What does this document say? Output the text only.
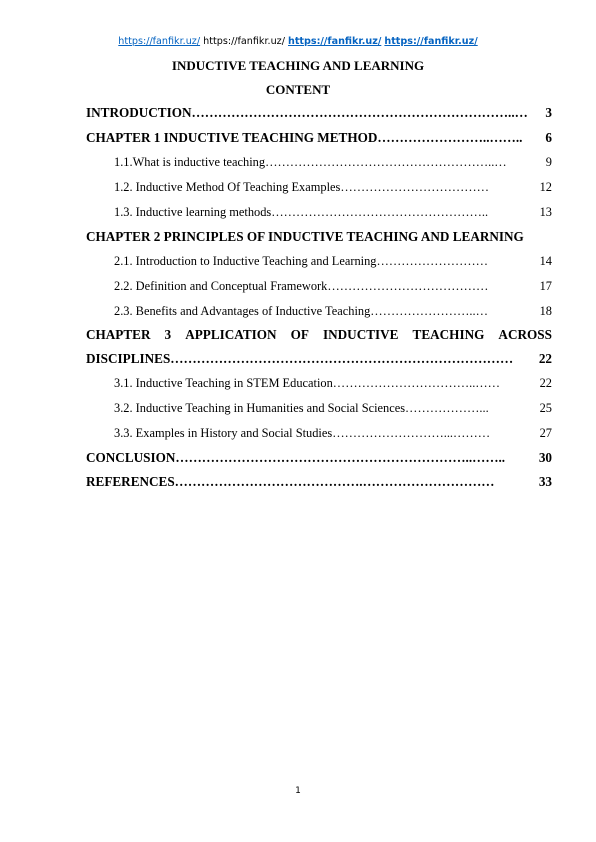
https://fanfikr.uz/ https://fanfikr.uz/ https://fanfikr.uz/ https://fanfikr.uz/
INDUCTIVE TEACHING AND LEARNING
CONTENT
INTRODUCTION………………………………………………………………..… 3
CHAPTER 1 INDUCTIVE TEACHING METHOD……………………..…….. 6
1.1.What is inductive teaching………………………………………………..…	9
1.2. Inductive Method Of Teaching Examples………………………………	12
1.3. Inductive learning methods……………………………………………..	13
CHAPTER 2 PRINCIPLES OF INDUCTIVE TEACHING AND LEARNING
2.1. Introduction to Inductive Teaching and Learning………………………	14
2.2. Definition and Conceptual Framework…………………………………	17
2.3. Benefits and Advantages of Inductive Teaching……………………..…	18
CHAPTER 3 APPLICATION OF INDUCTIVE TEACHING ACROSS
DISCIPLINES…………………………………………………………………… 22
3.1. Inductive Teaching in STEM Education……………………………..……	22
3.2. Inductive Teaching in Humanities and Social Sciences………………...	25
3.3. Examples in History and Social Studies………………………...………	27
CONCLUSION…………………………………………………………..……..	30
REFERENCES…………………………………….…………………………	33
1
